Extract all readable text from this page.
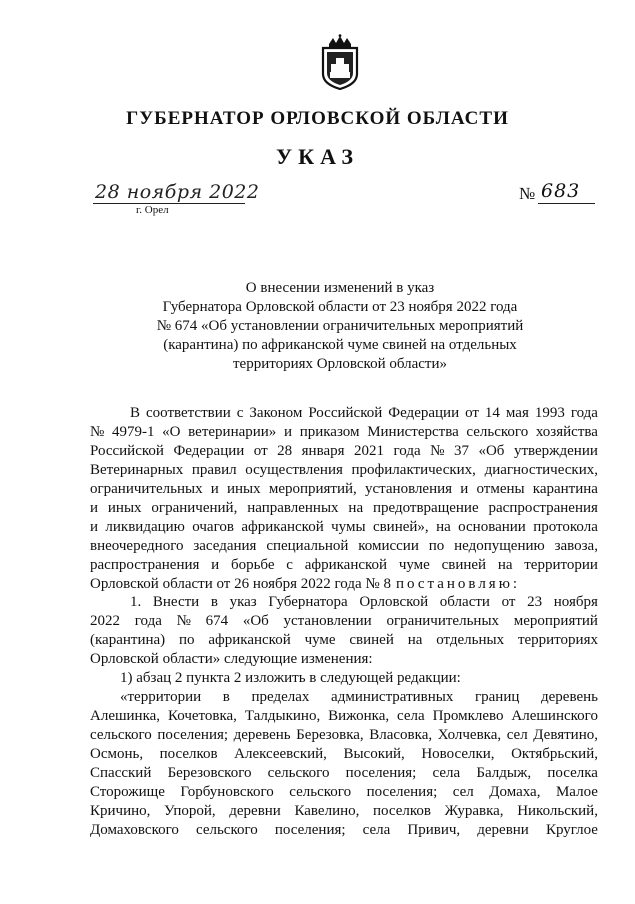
ГУБЕРНАТОР ОРЛОВСКОЙ ОБЛАСТИ
УКАЗ
28 ноября 2022
г. Орел
№ 683
О внесении изменений в указ
Губернатора Орловской области от 23 ноября 2022 года
№ 674 «Об установлении ограничительных мероприятий
(карантина) по африканской чуме свиней на отдельных
территориях Орловской области»
В соответствии с Законом Российской Федерации от 14 мая 1993 года
№ 4979-1 «О ветеринарии» и приказом Министерства сельского хозяйства
Российской Федерации от 28 января 2021 года № 37 «Об утверждении
Ветеринарных правил осуществления профилактических, диагностических,
ограничительных и иных мероприятий, установления и отмены карантина
и иных ограничений, направленных на предотвращение распространения
и ликвидацию очагов африканской чумы свиней», на основании протокола
внеочередного заседания специальной комиссии по недопущению завоза,
распространения и борьбе с африканской чуме свиней на территории
Орловской области от 26 ноября 2022 года № 8 постановляю:
1. Внести в указ Губернатора Орловской области от 23 ноября
2022 года № 674 «Об установлении ограничительных мероприятий
(карантина) по африканской чуме свиней на отдельных территориях
Орловской области» следующие изменения:
1) абзац 2 пункта 2 изложить в следующей редакции:
«территории в пределах административных границ деревень
Алешинка, Кочетовка, Талдыкино, Вижонка, села Промклево Алешинского
сельского поселения; деревень Березовка, Власовка, Холчевка, сел Девятино,
Осмонь, поселков Алексеевский, Высокий, Новоселки, Октябрьский,
Спасский Березовского сельского поселения; села Балдыж, поселка
Сторожище Горбуновского сельского поселения; сел Домаха, Малое
Кричино, Упорой, деревни Кавелино, поселков Журавка, Никольский,
Домаховского сельского поселения; села Привич, деревни Круглое
